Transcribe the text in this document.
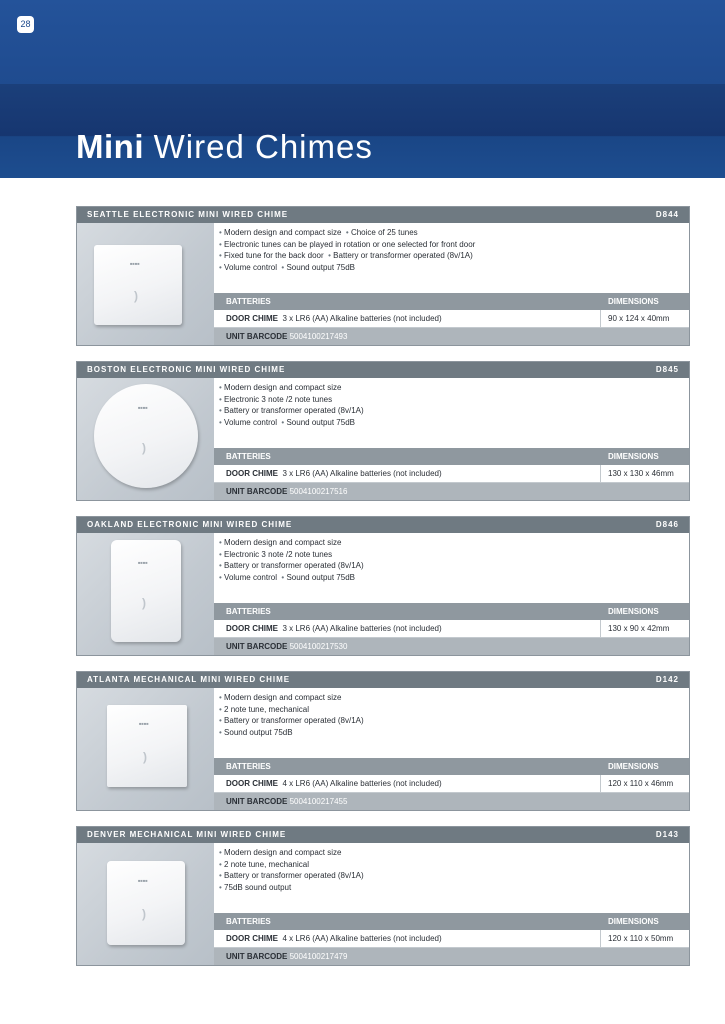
28
Mini Wired Chimes
SEATTLE ELECTRONIC MINI WIRED CHIME	D844
)
■■■■
• Modern design and compact size • Choice of 25 tunes
• Electronic tunes can be played in rotation or one selected for front door
• Fixed tune for the back door • Battery or transformer operated (8v/1A)
• Volume control • Sound output 75dB
BATTERIES	DIMENSIONS
DOOR CHIME 3 x LR6 (AA) Alkaline batteries (not included)	90 x 124 x 40mm
UNIT BARCODE 5004100217493
BOSTON ELECTRONIC MINI WIRED CHIME	D845
)
■■■■
• Modern design and compact size
• Electronic 3 note /2 note tunes
• Battery or transformer operated (8v/1A)
• Volume control • Sound output 75dB
BATTERIES	DIMENSIONS
DOOR CHIME 3 x LR6 (AA) Alkaline batteries (not included)	130 x 130 x 46mm
UNIT BARCODE 5004100217516
OAKLAND ELECTRONIC MINI WIRED CHIME	D846
)
■■■■
• Modern design and compact size
• Electronic 3 note /2 note tunes
• Battery or transformer operated (8v/1A)
• Volume control • Sound output 75dB
BATTERIES	DIMENSIONS
DOOR CHIME 3 x LR6 (AA) Alkaline batteries (not included)	130 x 90 x 42mm
UNIT BARCODE 5004100217530
ATLANTA MECHANICAL MINI WIRED CHIME	D142
)
■■■■
• Modern design and compact size
• 2 note tune, mechanical
• Battery or transformer operated (8v/1A)
• Sound output 75dB
BATTERIES	DIMENSIONS
DOOR CHIME 4 x LR6 (AA) Alkaline batteries (not included)	120 x 110 x 46mm
UNIT BARCODE 5004100217455
DENVER MECHANICAL MINI WIRED CHIME	D143
)
■■■■
• Modern design and compact size
• 2 note tune, mechanical
• Battery or transformer operated (8v/1A)
• 75dB sound output
BATTERIES	DIMENSIONS
DOOR CHIME 4 x LR6 (AA) Alkaline batteries (not included)	120 x 110 x 50mm
UNIT BARCODE 5004100217479
